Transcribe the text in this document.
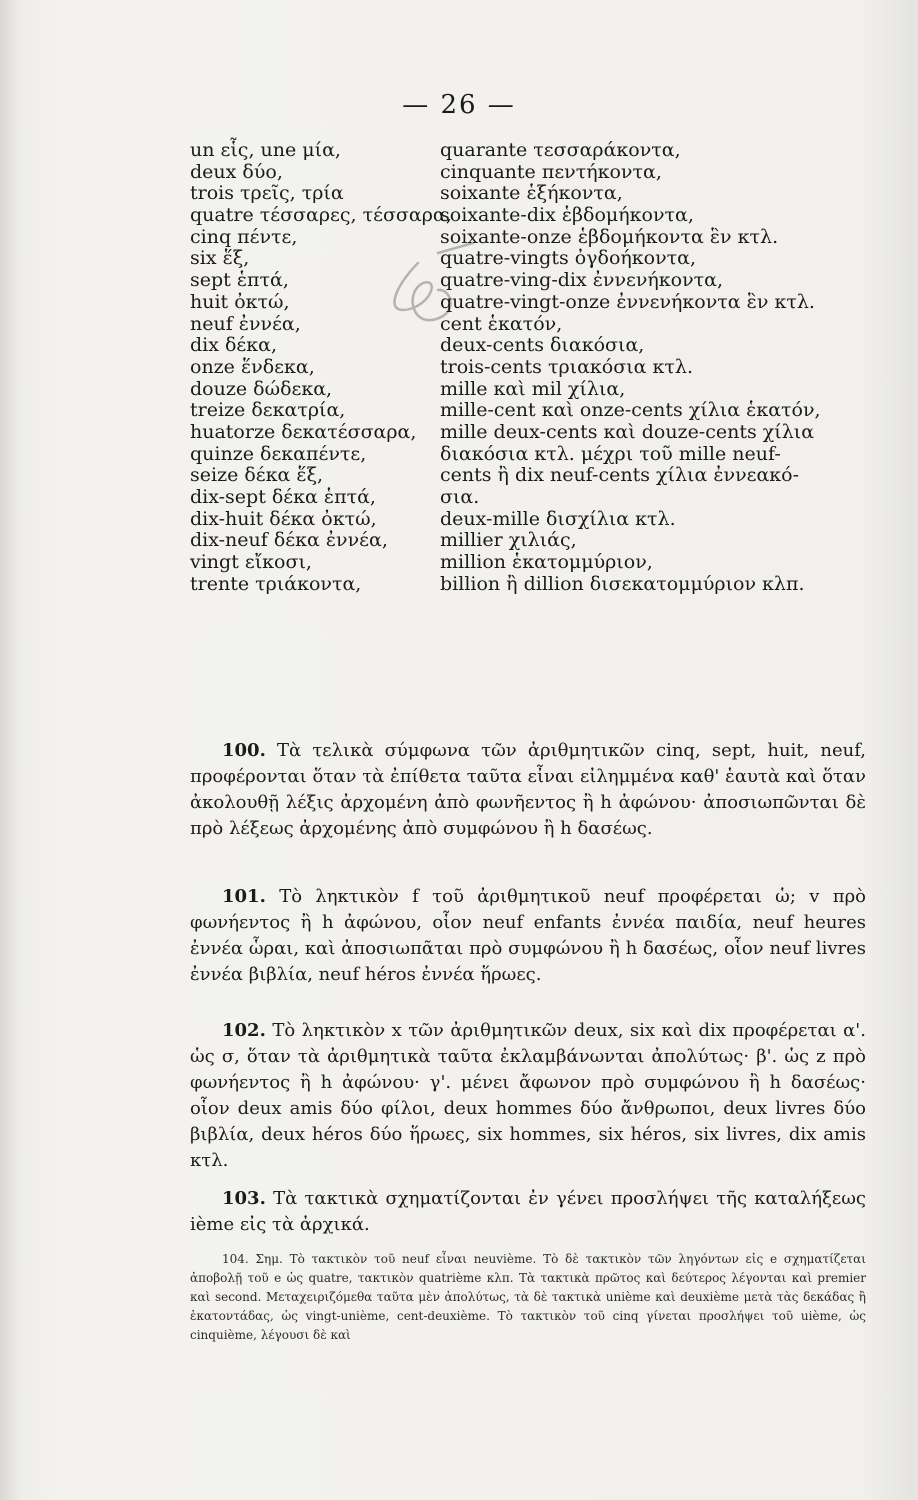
— 26 —
un εἷς, une μία,
deux δύο,
trois τρεῖς, τρία
quatre τέσσαρες, τέσσαρα,
cinq πέντε,
six ἕξ,
sept ἑπτά,
huit ὀκτώ,
neuf ἐννέα,
dix δέκα,
onze ἕνδεκα,
douze δώδεκα,
treize δεκατρία,
huatorze δεκατέσσαρα,
quinze δεκαπέντε,
seize δέκα ἕξ,
dix-sept δέκα ἑπτά,
dix-huit δέκα ὀκτώ,
dix-neuf δέκα ἐννέα,
vingt εἴκοσι,
trente τριάκοντα,
quarante τεσσαράκοντα,
cinquante πεντήκοντα,
soixante ἑξήκοντα,
soixante-dix ἑβδομήκοντα,
soixante-onze ἑβδομήκοντα ἓν κτλ.
quatre-vingts ὀγδοήκοντα,
quatre-ving-dix ἐννενήκοντα,
quatre-vingt-onze ἐννενήκοντα ἓν κτλ.
cent ἑκατόν,
deux-cents διακόσια,
trois-cents τριακόσια κτλ.
mille καὶ mil χίλια,
mille-cent καὶ onze-cents χίλια ἑκατόν,
mille deux-cents καὶ douze-cents χίλια
διακόσια κτλ. μέχρι τοῦ mille neuf-
cents ἢ dix neuf-cents χίλια ἐννεακό-
σια.
deux-mille δισχίλια κτλ.
millier χιλιάς,
million ἑκατομμύριον,
billion ἢ dillion δισεκατομμύριον κλπ.
100. Τὰ τελικὰ σύμφωνα τῶν ἀριθμητικῶν cinq, sept, huit, neuf, προφέρονται ὅταν τὰ ἐπίθετα ταῦτα εἶναι εἰλημμένα καθ' ἑαυτὰ καὶ ὅταν ἀκολουθῇ λέξις ἀρχομένη ἀπὸ φωνῆεντος ἢ h ἀφώνου· ἀποσιωπῶνται δὲ πρὸ λέξεως ἀρχομένης ἀπὸ συμφώνου ἢ h δασέως.
101. Τὸ ληκτικὸν f τοῦ ἀριθμητικοῦ neuf προφέρεται ὡ; v πρὸ φωνήεντος ἢ h ἀφώνου, οἷον neuf enfants ἐννέα παιδία, neuf heures ἐννέα ὧραι, καὶ ἀποσιωπᾶται πρὸ συμφώνου ἢ h δασέως, οἷον neuf livres ἐννέα βιβλία, neuf héros ἐννέα ἥρωες.
102. Τὸ ληκτικὸν x τῶν ἀριθμητικῶν deux, six καὶ dix προφέρεται α'. ὡς σ, ὅταν τὰ ἀριθμητικὰ ταῦτα ἐκλαμβάνωνται ἀπολύτως· β'. ὡς z πρὸ φωνήεντος ἢ h ἀφώνου· γ'. μένει ἄφωνον πρὸ συμφώνου ἢ h δασέως· οἷον deux amis δύο φίλοι, deux hommes δύο ἄνθρωποι, deux livres δύο βιβλία, deux héros δύο ἥρωες, six hommes, six héros, six livres, dix amis κτλ.
103. Τὰ τακτικὰ σχηματίζονται ἐν γένει προσλήψει τῆς καταλήξεως ième εἰς τὰ ἀρχικά.
104. Σημ. Τὸ τακτικὸν τοῦ neuf εἶναι neuvième. Τὸ δὲ τακτικὸν τῶν ληγόντων εἰς e σχηματίζεται ἀποβολῇ τοῦ e ὡς quatre, τακτικὸν quatrième κλπ. Τὰ τακτικὰ πρῶτος καὶ δεύτερος λέγονται καὶ premier καὶ second. Μεταχειριζόμεθα ταῦτα μὲν ἀπολύτως, τὰ δὲ τακτικὰ unième καὶ deuxième μετὰ τὰς δεκάδας ἢ ἑκατοντάδας, ὡς vingt-unième, cent-deuxième. Τὸ τακτικὸν τοῦ cinq γίνεται προσλήψει τοῦ uième, ὡς cinquième, λέγουσι δὲ καὶ
